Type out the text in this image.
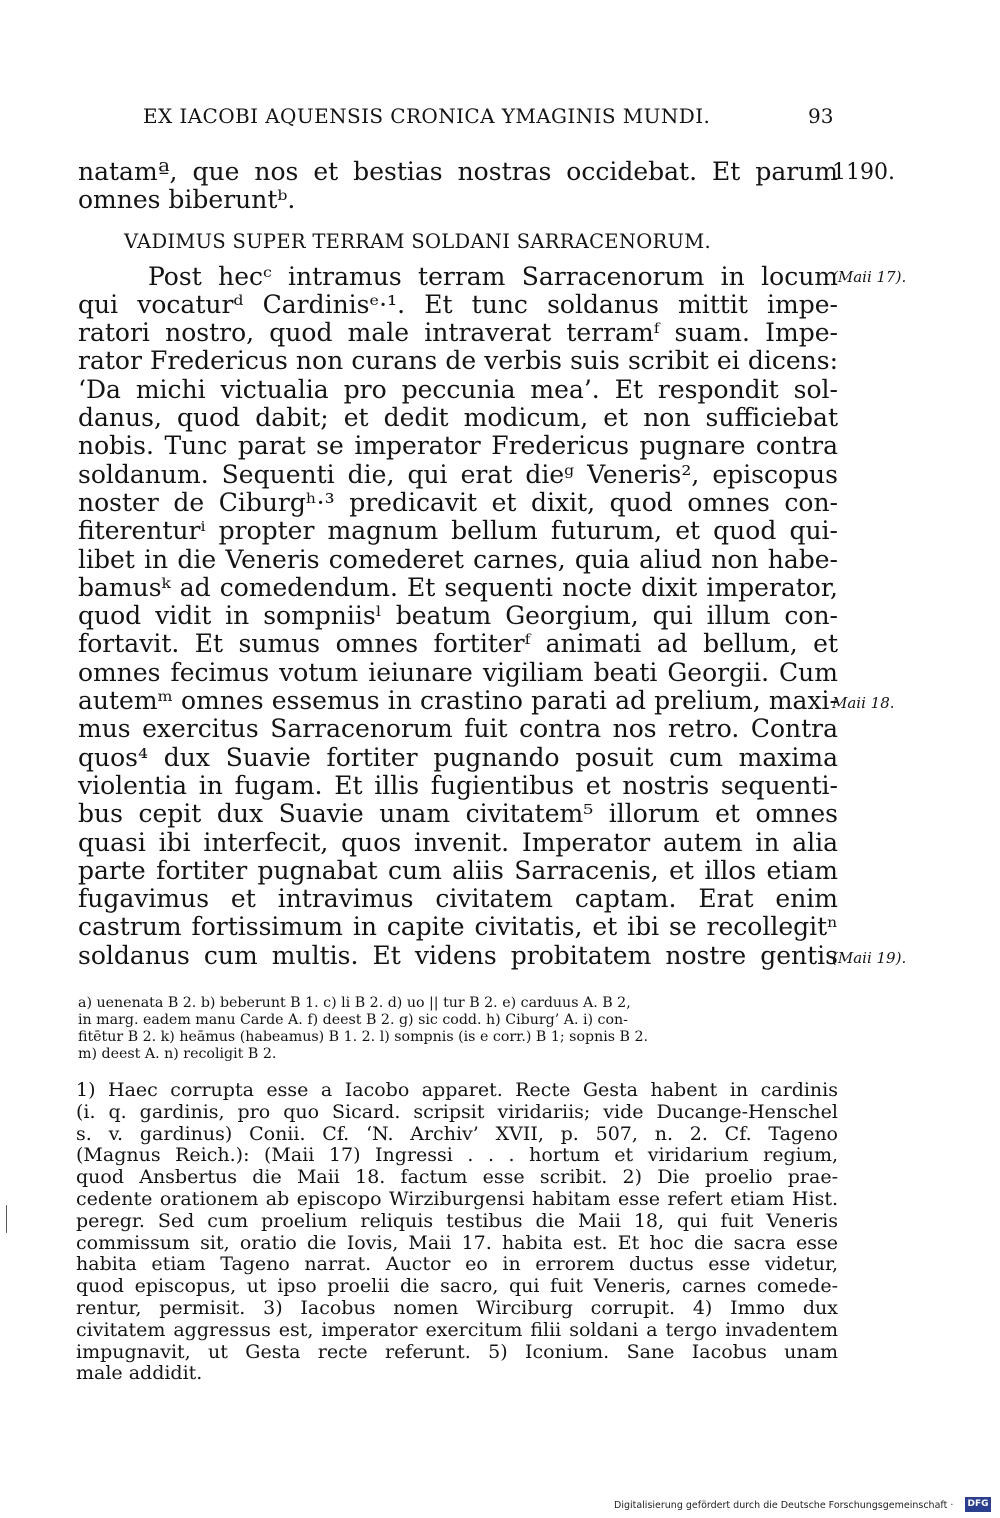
EX IACOBI AQUENSIS CRONICA YMAGINIS MUNDI.	93
natamª, que nos et bestias nostras occidebat. Et parum
omnes biberuntᵇ.
VADIMUS SUPER TERRAM SOLDANI SARRACENORUM.
Post hecᶜ intramus terram Sarracenorum in locum
qui vocaturᵈ Cardinisᵉ·¹. Et tunc soldanus mittit impe-
ratori nostro, quod male intraverat terramᶠ suam. Impe-
rator Fredericus non curans de verbis suis scribit ei dicens:
‘Da michi victualia pro peccunia mea’. Et respondit sol-
danus, quod dabit; et dedit modicum, et non sufficiebat
nobis. Tunc parat se imperator Fredericus pugnare contra
soldanum. Sequenti die, qui erat dieᵍ Veneris², episcopus
noster de Ciburgʰ·³ predicavit et dixit, quod omnes con-
fiterenturⁱ propter magnum bellum futurum, et quod qui-
libet in die Veneris comederet carnes, quia aliud non habe-
bamusᵏ ad comedendum. Et sequenti nocte dixit imperator,
quod vidit in sompniisˡ beatum Georgium, qui illum con-
fortavit. Et sumus omnes fortiterᶠ animati ad bellum, et
omnes fecimus votum ieiunare vigiliam beati Georgii. Cum
autemᵐ omnes essemus in crastino parati ad prelium, maxi-
mus exercitus Sarracenorum fuit contra nos retro. Contra
quos⁴ dux Suavie fortiter pugnando posuit cum maxima
violentia in fugam. Et illis fugientibus et nostris sequenti-
bus cepit dux Suavie unam civitatem⁵ illorum et omnes
quasi ibi interfecit, quos invenit. Imperator autem in alia
parte fortiter pugnabat cum aliis Sarracenis, et illos etiam
fugavimus et intravimus civitatem captam. Erat enim
castrum fortissimum in capite civitatis, et ibi se recollegitⁿ
soldanus cum multis. Et videns probitatem nostre gentis
1190.
(Maii 17).
Maii 18.
(Maii 19).
a) uenenata B 2. b) beberunt B 1. c) li B 2. d) uo || tur B 2. e) carduus A. B 2,
in marg. eadem manu Carde A. f) deest B 2. g) sic codd. h) Ciburg’ A. i) con-
fitētur B 2. k) heāmus (habeamus) B 1. 2. l) sompnis (is e corr.) B 1; sopnis B 2.
m) deest A. n) recoligit B 2.
1) Haec corrupta esse a Iacobo apparet. Recte Gesta habent in cardinis
(i. q. gardinis, pro quo Sicard. scripsit viridariis; vide Ducange-Henschel
s. v. gardinus) Conii. Cf. ‘N. Archiv’ XVII, p. 507, n. 2. Cf. Tageno
(Magnus Reich.): (Maii 17) Ingressi . . . hortum et viridarium regium,
quod Ansbertus die Maii 18. factum esse scribit. 2) Die proelio prae-
cedente orationem ab episcopo Wirziburgensi habitam esse refert etiam Hist.
peregr. Sed cum proelium reliquis testibus die Maii 18, qui fuit Veneris
commissum sit, oratio die Iovis, Maii 17. habita est. Et hoc die sacra esse
habita etiam Tageno narrat. Auctor eo in errorem ductus esse videtur,
quod episcopus, ut ipso proelii die sacro, qui fuit Veneris, carnes comede-
rentur, permisit. 3) Iacobus nomen Wirciburg corrupit. 4) Immo dux
civitatem aggressus est, imperator exercitum filii soldani a tergo invadentem
impugnavit, ut Gesta recte referunt. 5) Iconium. Sane Iacobus unam
male addidit.
Digitalisierung gefördert durch die Deutsche Forschungsgemeinschaft · DFG
